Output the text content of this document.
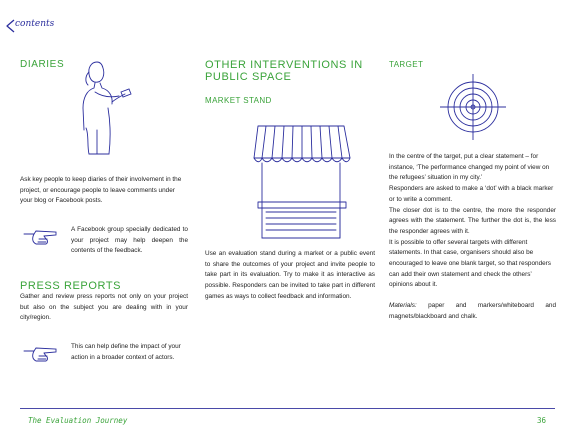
contents
DIARIES
Ask key people to keep diaries of their involvement in the project, or encourage people to leave comments under your blog or Facebook posts.
A Facebook group specially dedicated to your project may help deepen the contents of the feedback.
PRESS REPORTS
Gather and review press reports not only on your project but also on the subject you are dealing with in your city/region.
This can help define the impact of your action in a broader context of actors.
OTHER INTERVENTIONS IN PUBLIC SPACE
MARKET STAND
Use an evaluation stand during a market or a public event to share the outcomes of your project and invite people to take part in its evaluation. Try to make it as interactive as possible. Responders can be invited to take part in different games as ways to collect feedback and information.
TARGET
In the centre of the target, put a clear statement – for instance, ‘The performance changed my point of view on the refugees’ situation in my city.’
Responders are asked to make a ‘dot’ with a black marker or to write a comment.
The closer dot is to the centre, the more the responder agrees with the statement. The further the dot is, the less the responder agrees with it.
It is possible to offer several targets with different statements. In that case, organisers should also be encouraged to leave one blank target, so that responders can add their own statement and check the others’ opinions about it.
Materials: paper and markers/whiteboard and magnets/blackboard and chalk.
The Evaluation Journey	36
